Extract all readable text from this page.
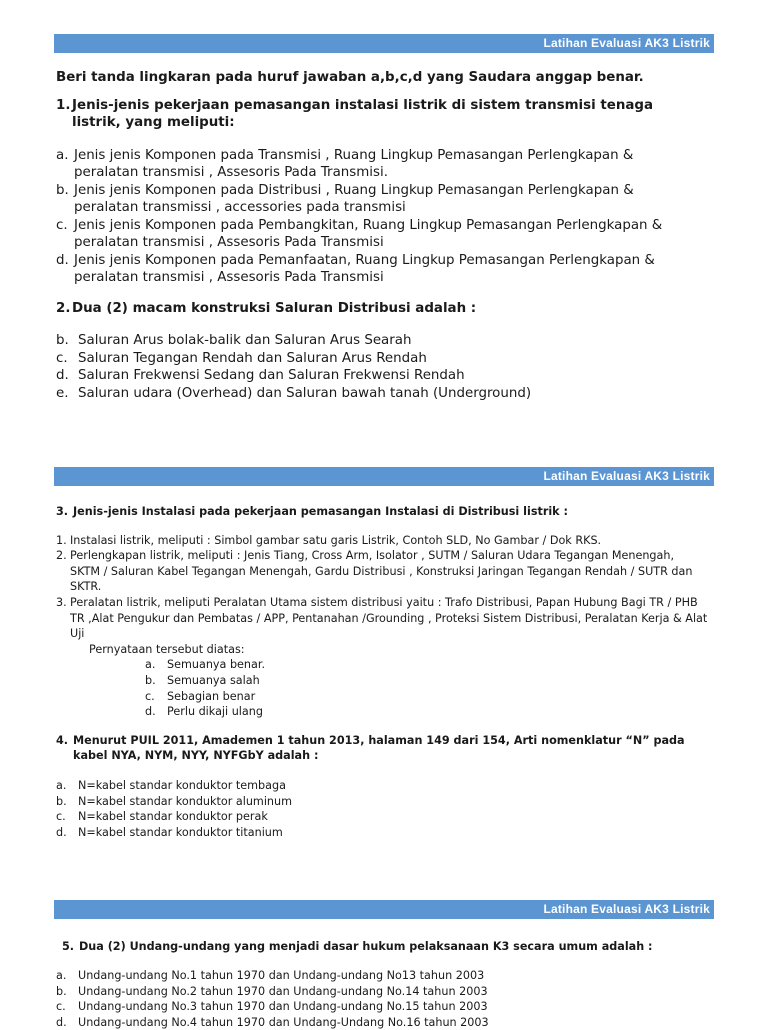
Latihan Evaluasi AK3 Listrik
Beri tanda lingkaran pada huruf jawaban a,b,c,d yang Saudara anggap benar.
1. Jenis-jenis pekerjaan pemasangan instalasi listrik di sistem transmisi tenaga listrik, yang meliputi:
a. Jenis jenis Komponen pada Transmisi , Ruang Lingkup Pemasangan Perlengkapan & peralatan transmisi , Assesoris Pada Transmisi.
b. Jenis jenis Komponen pada Distribusi , Ruang Lingkup Pemasangan Perlengkapan & peralatan transmissi , accessories pada transmisi
c. Jenis jenis Komponen pada Pembangkitan, Ruang Lingkup Pemasangan Perlengkapan & peralatan transmisi , Assesoris Pada Transmisi
d. Jenis jenis Komponen pada Pemanfaatan, Ruang Lingkup Pemasangan Perlengkapan & peralatan transmisi , Assesoris Pada Transmisi
2. Dua (2) macam konstruksi Saluran Distribusi adalah :
b. Saluran Arus bolak-balik dan Saluran Arus Searah
c. Saluran Tegangan Rendah dan Saluran Arus Rendah
d. Saluran Frekwensi Sedang dan Saluran Frekwensi Rendah
e. Saluran udara (Overhead) dan Saluran bawah tanah (Underground)
Latihan Evaluasi AK3 Listrik
3. Jenis-jenis Instalasi pada pekerjaan pemasangan Instalasi di Distribusi listrik :
1. Instalasi listrik, meliputi : Simbol gambar satu garis Listrik, Contoh SLD, No Gambar / Dok RKS.
2. Perlengkapan listrik, meliputi : Jenis Tiang, Cross Arm, Isolator , SUTM / Saluran Udara Tegangan Menengah, SKTM / Saluran Kabel Tegangan Menengah, Gardu Distribusi , Konstruksi Jaringan Tegangan Rendah / SUTR dan SKTR.
3. Peralatan listrik, meliputi Peralatan Utama sistem distribusi yaitu : Trafo Distribusi, Papan Hubung Bagi TR / PHB TR ,Alat Pengukur dan Pembatas / APP, Pentanahan /Grounding , Proteksi Sistem Distribusi, Peralatan Kerja & Alat Uji
Pernyataan tersebut diatas:
a.	Semuanya benar.
b.	Semuanya salah
c.	Sebagian benar
d.	Perlu dikaji ulang
4. Menurut PUIL 2011, Amademen 1 tahun 2013, halaman 149 dari 154, Arti nomenklatur “N” pada kabel NYA, NYM, NYY, NYFGbY adalah :
a.	N=kabel standar konduktor tembaga
b.	N=kabel standar konduktor aluminum
c.	N=kabel standar konduktor perak
d.	N=kabel standar konduktor titanium
Latihan Evaluasi AK3 Listrik
5. Dua (2) Undang-undang yang menjadi dasar hukum pelaksanaan K3 secara umum adalah :
a.	Undang-undang No.1 tahun 1970 dan Undang-undang No13 tahun 2003
b.	Undang-undang No.2 tahun 1970 dan Undang-undang No.14 tahun 2003
c.	Undang-undang No.3 tahun 1970 dan Undang-undang No.15 tahun 2003
d.	Undang-undang No.4 tahun 1970 dan Undang-Undang No.16 tahun 2003
